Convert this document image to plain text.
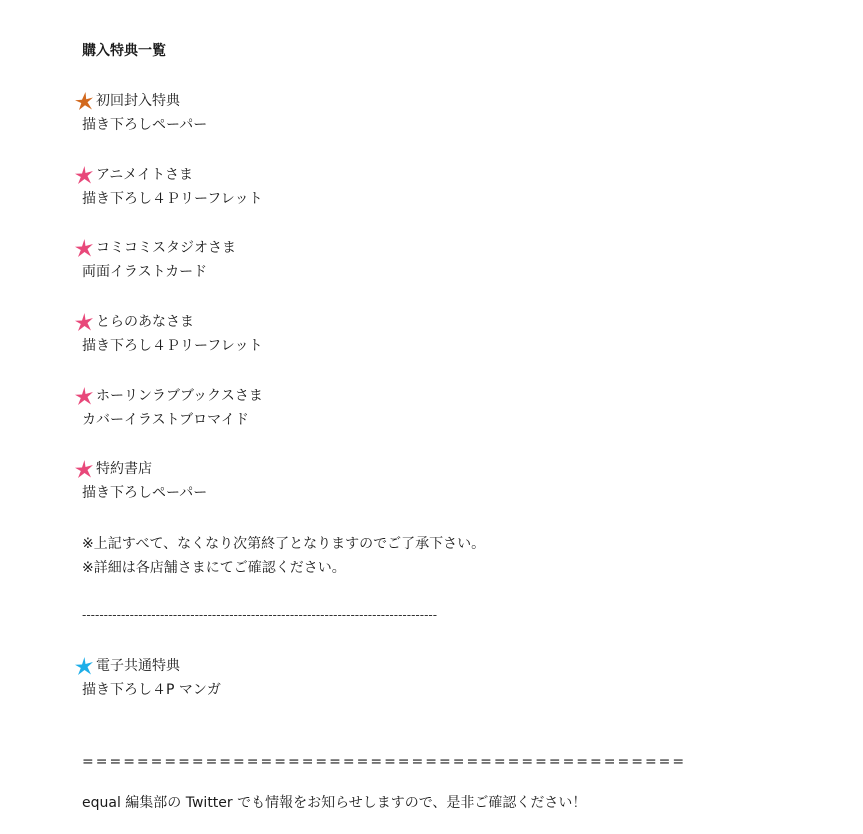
購入特典一覧
初回封入特典
描き下ろしペーパー
アニメイトさま
描き下ろし４Ｐリーフレット
コミコミスタジオさま
両面イラストカード
とらのあなさま
描き下ろし４Ｐリーフレット
ホーリンラブブックスさま
カバーイラストブロマイド
特約書店
描き下ろしペーパー
※上記すべて、なくなり次第終了となりますのでご了承下さい。
※詳細は各店舗さまにてご確認ください。
----------------------------------------------------------------------------------
電子共通特典
描き下ろし４P マンガ
============================================
equal 編集部の Twitter でも情報をお知らせしますので、是非ご確認ください！
